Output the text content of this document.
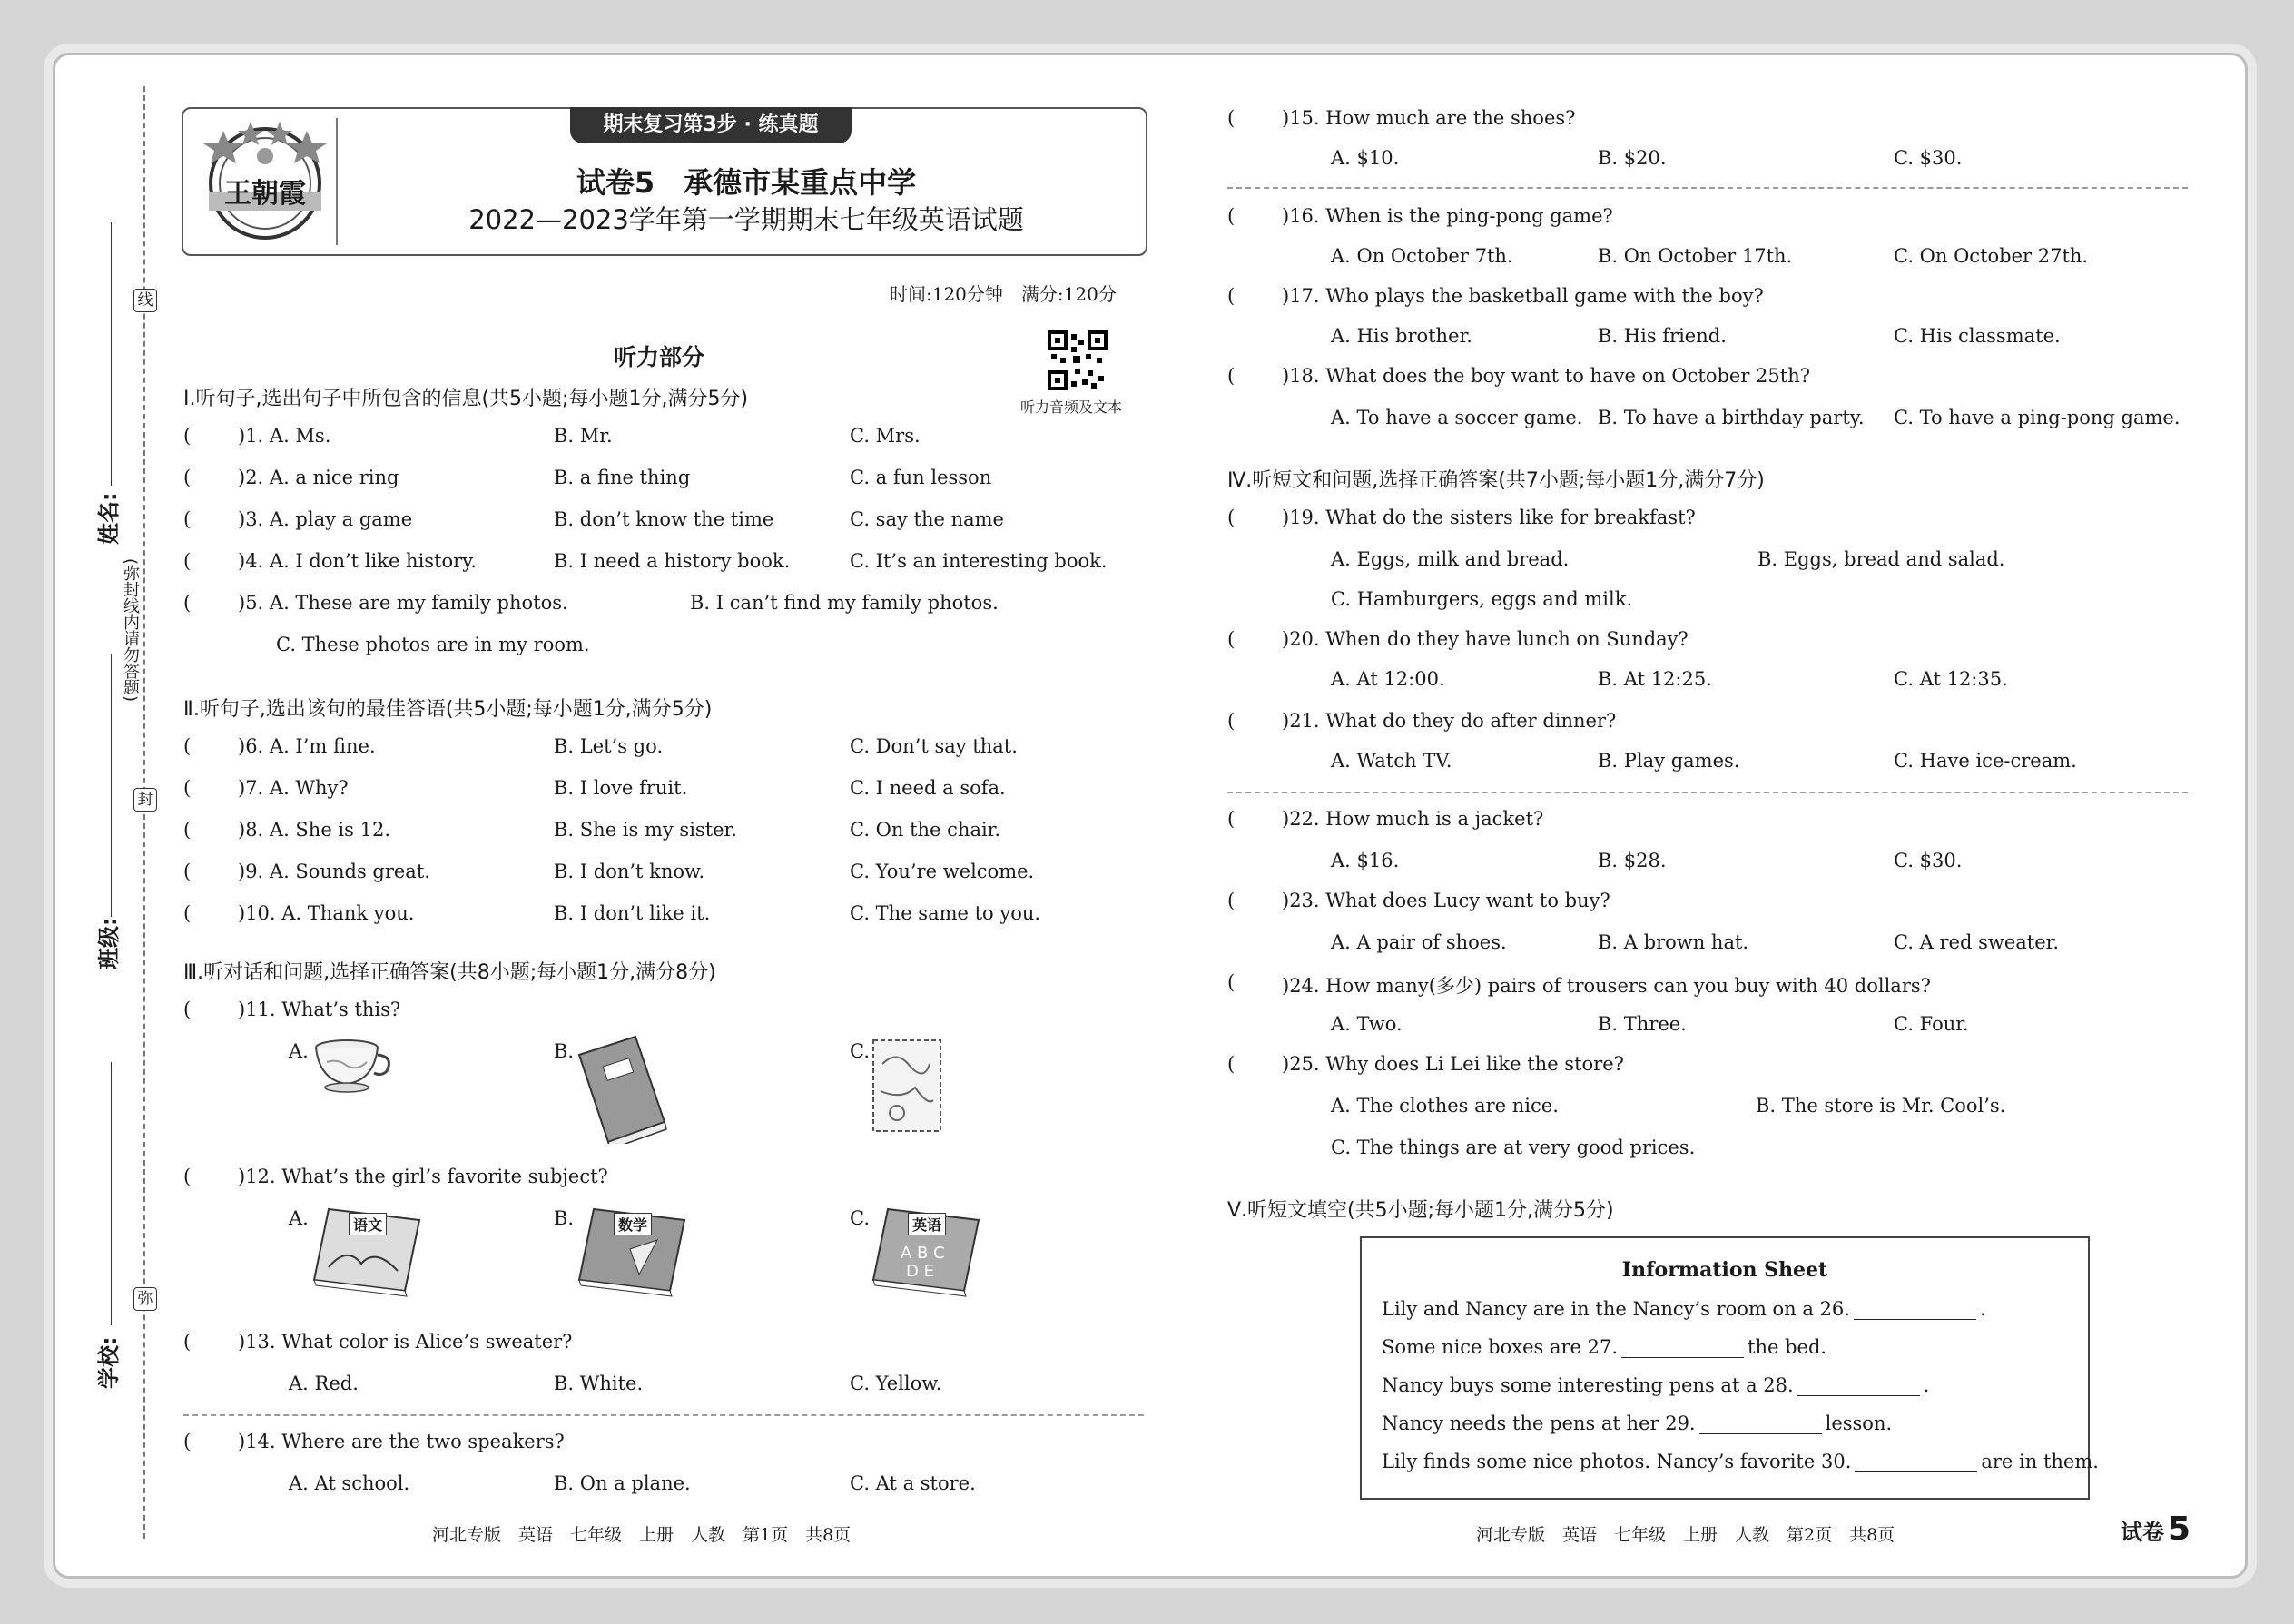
线
封
弥
姓名:
班级:
学校:
(弥封线内请勿答题)
王朝霞
期末复习第3步 · 练真题
试卷5　承德市某重点中学
2022—2023学年第一学期期末七年级英语试题
时间:120分钟　满分:120分
听力部分
听力音频及文本
Ⅰ.听句子,选出句子中所包含的信息(共5小题;每小题1分,满分5分)
( )1. A. Ms.	B. Mr.	C. Mrs.
( )2. A. a nice ring	B. a fine thing	C. a fun lesson
( )3. A. play a game	B. don’t know the time	C. say the name
( )4. A. I don’t like history.	B. I need a history book.	C. It’s an interesting book.
( )5. A. These are my family photos.	B. I can’t find my family photos.
C. These photos are in my room.
Ⅱ.听句子,选出该句的最佳答语(共5小题;每小题1分,满分5分)
( )6. A. I’m fine.	B. Let’s go.	C. Don’t say that.
( )7. A. Why?	B. I love fruit.	C. I need a sofa.
( )8. A. She is 12.	B. She is my sister.	C. On the chair.
( )9. A. Sounds great.	B. I don’t know.	C. You’re welcome.
( )10. A. Thank you.	B. I don’t like it.	C. The same to you.
Ⅲ.听对话和问题,选择正确答案(共8小题;每小题1分,满分8分)
( )11. What’s this?
A.	B.	C.
( )12. What’s the girl’s favorite subject?
A.	语文	B.	数学	C.
A B C
D E
英语
( )13. What color is Alice’s sweater?
A. Red.	B. White.	C. Yellow.
( )14. Where are the two speakers?
A. At school.	B. On a plane.	C. At a store.
河北专版　英语　七年级　上册　人教　第1页　共8页
( )15. How much are the shoes?
A. $10.	B. $20.	C. $30.
( )16. When is the ping-pong game?
A. On October 7th.	B. On October 17th.	C. On October 27th.
( )17. Who plays the basketball game with the boy?
A. His brother.	B. His friend.	C. His classmate.
( )18. What does the boy want to have on October 25th?
A. To have a soccer game. B. To have a birthday party. C. To have a ping-pong game.
Ⅳ.听短文和问题,选择正确答案(共7小题;每小题1分,满分7分)
( )19. What do the sisters like for breakfast?
A. Eggs, milk and bread.	B. Eggs, bread and salad.
C. Hamburgers, eggs and milk.
( )20. When do they have lunch on Sunday?
A. At 12:00.	B. At 12:25.	C. At 12:35.
( )21. What do they do after dinner?
A. Watch TV.	B. Play games.	C. Have ice-cream.
( )22. How much is a jacket?
A. $16.	B. $28.	C. $30.
( )23. What does Lucy want to buy?
A. A pair of shoes.	B. A brown hat.	C. A red sweater.
( )24. How many(多少) pairs of trousers can you buy with 40 dollars?
A. Two.	B. Three.	C. Four.
( )25. Why does Li Lei like the store?
A. The clothes are nice.	B. The store is Mr. Cool’s.
C. The things are at very good prices.
Ⅴ.听短文填空(共5小题;每小题1分,满分5分)
Information Sheet
Lily and Nancy are in the Nancy’s room on a 26.	.
Some nice boxes are 27.	the bed.
Nancy buys some interesting pens at a 28.	.
Nancy needs the pens at her 29.	lesson.
Lily finds some nice photos. Nancy’s favorite 30.	are in them.
河北专版　英语　七年级　上册　人教　第2页　共8页	试卷 5
